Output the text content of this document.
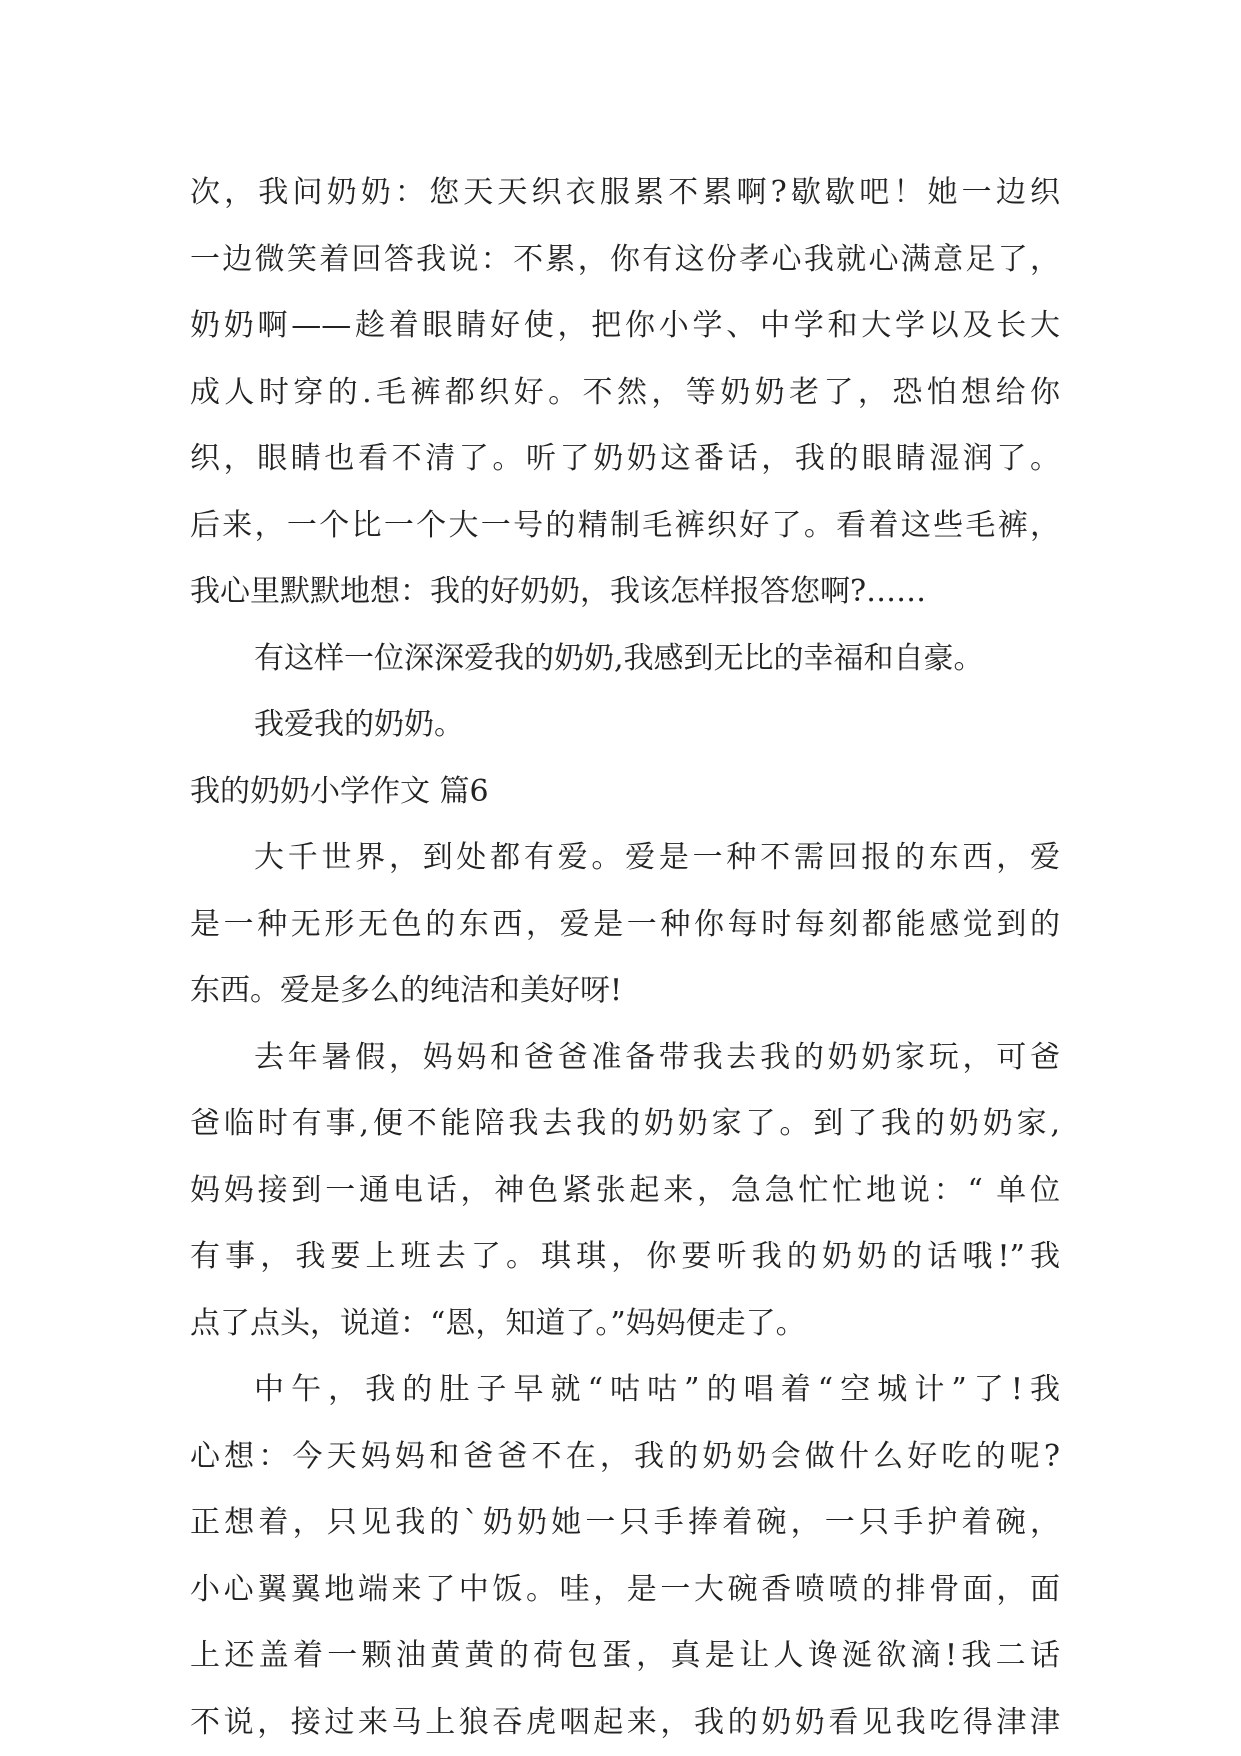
次，我问奶奶：您天天织衣服累不累啊?歇歇吧！她一边织
一边微笑着回答我说：不累，你有这份孝心我就心满意足了，
奶奶啊——趁着眼睛好使，把你小学、中学和大学以及长大
成人时穿的.毛裤都织好。不然，等奶奶老了，恐怕想给你
织，眼睛也看不清了。听了奶奶这番话，我的眼睛湿润了。
后来，一个比一个大一号的精制毛裤织好了。看着这些毛裤，
我心里默默地想：我的好奶奶，我该怎样报答您啊?……
有这样一位深深爱我的奶奶,我感到无比的幸福和自豪。
我爱我的奶奶。
我的奶奶小学作文 篇6
大千世界，到处都有爱。爱是一种不需回报的东西，爱
是一种无形无色的东西，爱是一种你每时每刻都能感觉到的
东西。爱是多么的纯洁和美好呀!
去年暑假，妈妈和爸爸准备带我去我的奶奶家玩，可爸
爸临时有事,便不能陪我去我的奶奶家了。到了我的奶奶家,
妈妈接到一通电话，神色紧张起来，急急忙忙地说：“ 单位
有事，我要上班去了。琪琪，你要听我的奶奶的话哦!”我
点了点头，说道：“恩，知道了。”妈妈便走了。
中午，我的肚子早就“咕咕”的唱着“空城计”了!我
心想：今天妈妈和爸爸不在，我的奶奶会做什么好吃的呢?
正想着，只见我的`奶奶她一只手捧着碗，一只手护着碗，
小心翼翼地端来了中饭。哇，是一大碗香喷喷的排骨面，面
上还盖着一颗油黄黄的荷包蛋，真是让人谗涎欲滴!我二话
不说，接过来马上狼吞虎咽起来，我的奶奶看见我吃得津津
